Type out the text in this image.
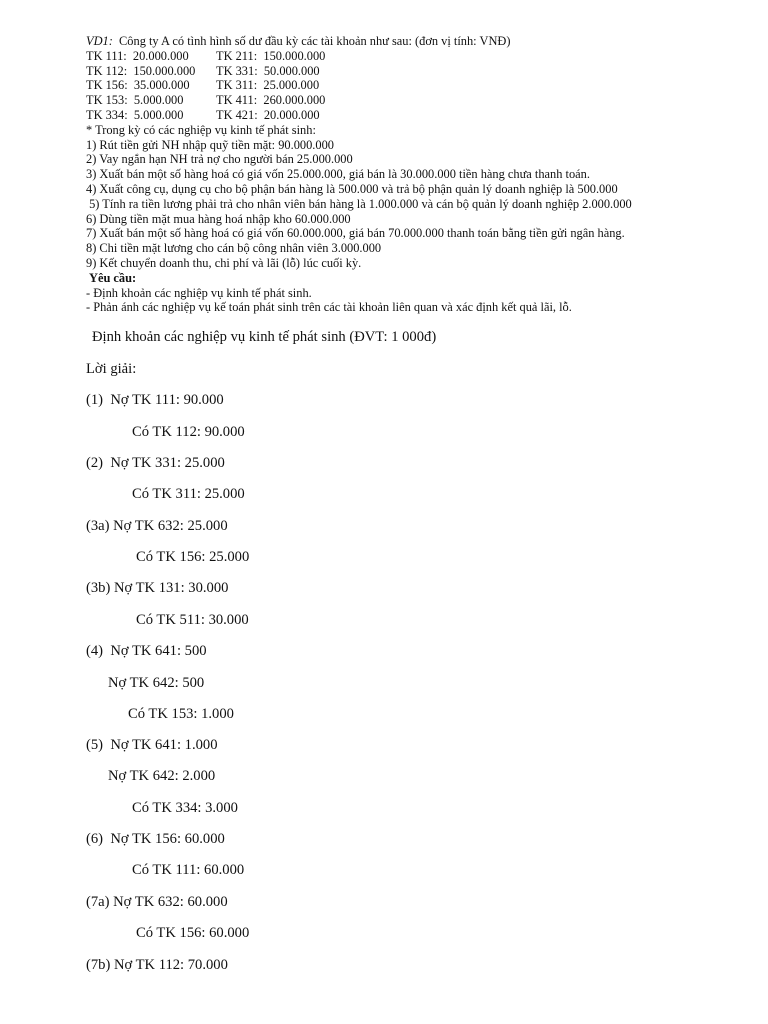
VD1:  Công ty A có tình hình số dư đầu kỳ các tài khoản như sau: (đơn vị tính: VNĐ)
TK 111:  20.000.000	TK 211:  150.000.000
TK 112:  150.000.000	TK 331:  50.000.000
TK 156:  35.000.000	TK 311:  25.000.000
TK 153:  5.000.000	TK 411:  260.000.000
TK 334:  5.000.000	TK 421:  20.000.000
* Trong kỳ có các nghiệp vụ kinh tế phát sinh:
1) Rút tiền gửi NH nhập quỹ tiền mặt: 90.000.000
2) Vay ngắn hạn NH trả nợ cho người bán 25.000.000
3) Xuất bán một số hàng hoá có giá vốn 25.000.000, giá bán là 30.000.000 tiền hàng chưa thanh toán.
4) Xuất công cụ, dụng cụ cho bộ phận bán hàng là 500.000 và trả bộ phận quản lý doanh nghiệp là 500.000
5) Tính ra tiền lương phải trả cho nhân viên bán hàng là 1.000.000 và cán bộ quản lý doanh nghiệp 2.000.000
6) Dùng tiền mặt mua hàng hoá nhập kho 60.000.000
7) Xuất bán một số hàng hoá có giá vốn 60.000.000, giá bán 70.000.000 thanh toán bằng tiền gửi ngân hàng.
8) Chi tiền mặt lương cho cán bộ công nhân viên 3.000.000
9) Kết chuyển doanh thu, chi phí và lãi (lỗ) lúc cuối kỳ.
Yêu cầu:
- Định khoản các nghiệp vụ kinh tế phát sinh.
- Phản ánh các nghiệp vụ kế toán phát sinh trên các tài khoản liên quan và xác định kết quả lãi, lỗ.
Định khoản các nghiệp vụ kinh tế phát sinh (ĐVT: 1 000đ)
Lời giải:
(1)  Nợ TK 111: 90.000
Có TK 112: 90.000
(2)  Nợ TK 331: 25.000
Có TK 311: 25.000
(3a) Nợ TK 632: 25.000
Có TK 156: 25.000
(3b) Nợ TK 131: 30.000
Có TK 511: 30.000
(4)  Nợ TK 641: 500
Nợ TK 642: 500
Có TK 153: 1.000
(5)  Nợ TK 641: 1.000
Nợ TK 642: 2.000
Có TK 334: 3.000
(6)  Nợ TK 156: 60.000
Có TK 111: 60.000
(7a) Nợ TK 632: 60.000
Có TK 156: 60.000
(7b) Nợ TK 112: 70.000
